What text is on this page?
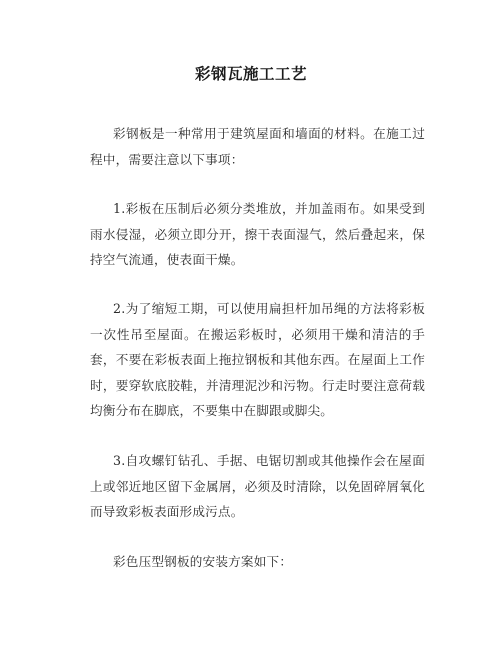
彩钢瓦施工工艺

彩钢板是一种常用于建筑屋面和墙面的材料。在施工过程中，需要注意以下事项：

1.彩板在压制后必须分类堆放，并加盖雨布。如果受到雨水侵湿，必须立即分开，擦干表面湿气，然后叠起来，保持空气流通，使表面干燥。

2.为了缩短工期，可以使用扁担杆加吊绳的方法将彩板一次性吊至屋面。在搬运彩板时，必须用干燥和清洁的手套，不要在彩板表面上拖拉钢板和其他东西。在屋面上工作时，要穿软底胶鞋，并清理泥沙和污物。行走时要注意荷载均衡分布在脚底，不要集中在脚跟或脚尖。

3.自攻螺钉钻孔、手据、电锯切割或其他操作会在屋面上或邻近地区留下金属屑，必须及时清除，以免固碎屑氧化而导致彩板表面形成污点。

彩色压型钢板的安装方案如下：
